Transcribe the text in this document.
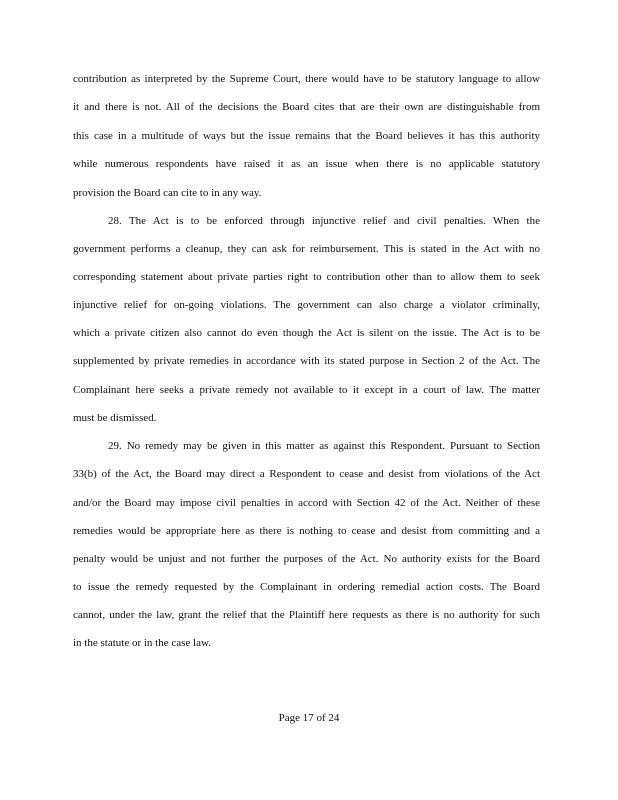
contribution as interpreted by the Supreme Court, there would have to be statutory language to allow
it and there is not. All of the decisions the Board cites that are their own are distinguishable from
this case in a multitude of ways but the issue remains that the Board believes it has this authority
while numerous respondents have raised it as an issue when there is no applicable statutory
provision the Board can cite to in any way.
28. The Act is to be enforced through injunctive relief and civil penalties. When the
government performs a cleanup, they can ask for reimbursement. This is stated in the Act with no
corresponding statement about private parties right to contribution other than to allow them to seek
injunctive relief for on-going violations. The government can also charge a violator criminally,
which a private citizen also cannot do even though the Act is silent on the issue. The Act is to be
supplemented by private remedies in accordance with its stated purpose in Section 2 of the Act. The
Complainant here seeks a private remedy not available to it except in a court of law. The matter
must be dismissed.
29. No remedy may be given in this matter as against this Respondent. Pursuant to Section
33(b) of the Act, the Board may direct a Respondent to cease and desist from violations of the Act
and/or the Board may impose civil penalties in accord with Section 42 of the Act. Neither of these
remedies would be appropriate here as there is nothing to cease and desist from committing and a
penalty would be unjust and not further the purposes of the Act. No authority exists for the Board
to issue the remedy requested by the Complainant in ordering remedial action costs. The Board
cannot, under the law, grant the relief that the Plaintiff here requests as there is no authority for such
in the statute or in the case law.
Page 17 of 24
